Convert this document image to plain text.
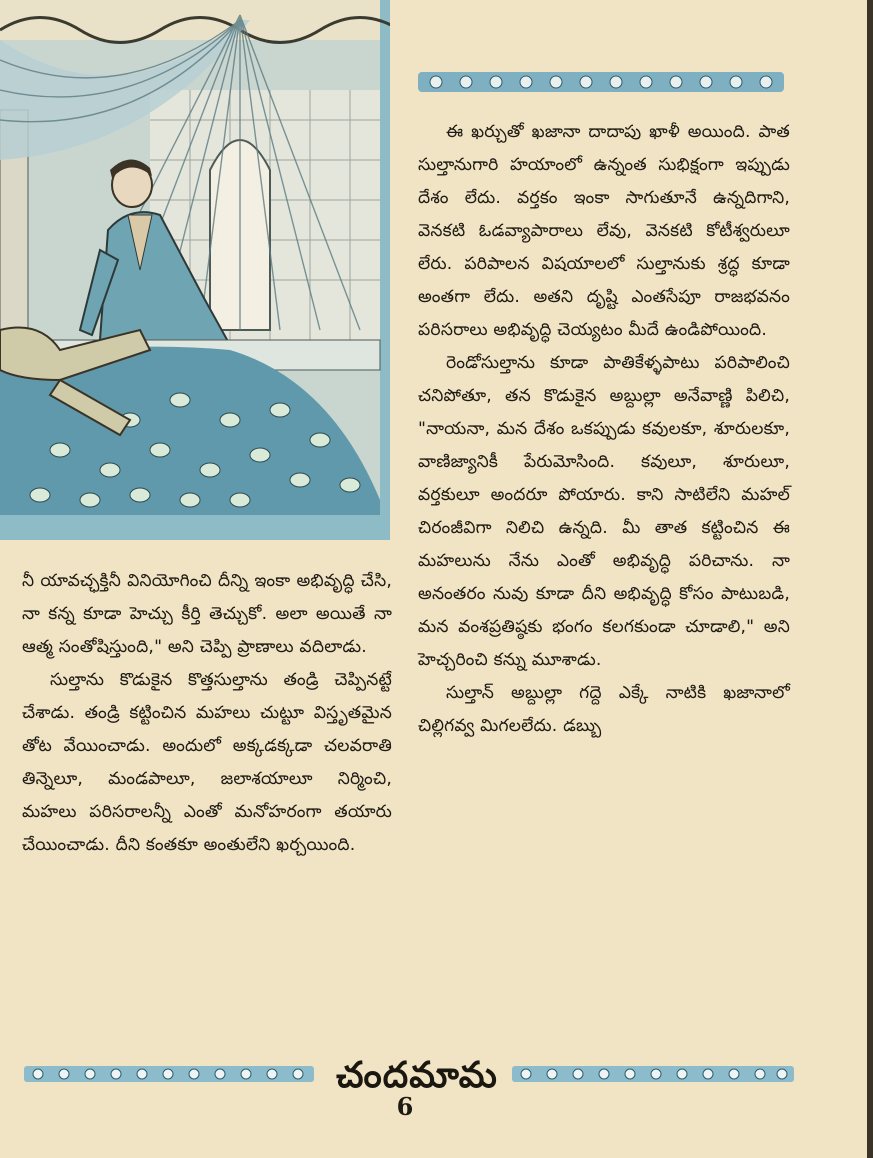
ఈ ఖర్చుతో ఖజానా దాదాపు ఖాళీ అయింది. పాత సుల్తానుగారి హయాంలో ఉన్నంత సుభిక్షంగా ఇప్పుడు దేశం లేదు. వర్తకం ఇంకా సాగుతూనే ఉన్నదిగాని, వెనకటి ఓడవ్యాపారాలు లేవు, వెనకటి కోటీశ్వరులూ లేరు. పరిపాలన విషయాలలో సుల్తానుకు శ్రద్ధ కూడా అంతగా లేదు. అతని దృష్టి ఎంతసేపూ రాజభవనం పరిసరాలు అభివృద్ధి చెయ్యటం మీదే ఉండిపోయింది.

రెండోసుల్తాను కూడా పాతికేళ్ళపాటు పరిపాలించి చనిపోతూ, తన కొడుకైన అబ్దుల్లా అనేవాణ్ణి పిలిచి, "నాయనా, మన దేశం ఒకప్పుడు కవులకూ, శూరులకూ, వాణిజ్యానికీ పేరుమోసింది. కవులూ, శూరులూ, వర్తకులూ అందరూ పోయారు. కాని సాటిలేని మహల్ చిరంజీవిగా నిలిచి ఉన్నది. మీ తాత కట్టించిన ఈ మహలును నేను ఎంతో అభివృద్ధి పరిచాను. నా అనంతరం నువు కూడా దీని అభివృద్ధి కోసం పాటుబడి, మన వంశప్రతిష్ఠకు భంగం కలగకుండా చూడాలి," అని హెచ్చరించి కన్ను మూశాడు.

సుల్తాన్ అబ్దుల్లా గద్దె ఎక్కే నాటికి ఖజానాలో చిల్లిగవ్వ మిగలలేదు. డబ్బు

నీ యావచ్ఛక్తినీ వినియోగించి దీన్ని ఇంకా అభివృద్ధి చేసి, నా కన్న కూడా హెచ్చు కీర్తి తెచ్చుకో. అలా అయితే నా ఆత్మ సంతోషిస్తుంది," అని చెప్పి ప్రాణాలు వదిలాడు.

సుల్తాను కొడుకైన కొత్తసుల్తాను తండ్రి చెప్పినట్టే చేశాడు. తండ్రి కట్టించిన మహలు చుట్టూ విస్తృతమైన తోట వేయించాడు. అందులో అక్కడక్కడా చలవరాతి తిన్నెలూ, మండపాలూ, జలాశయాలూ నిర్మించి, మహలు పరిసరాలన్నీ ఎంతో మనోహరంగా తయారు చేయించాడు. దీని కంతకూ అంతులేని ఖర్చయింది.

చందమామ
6
